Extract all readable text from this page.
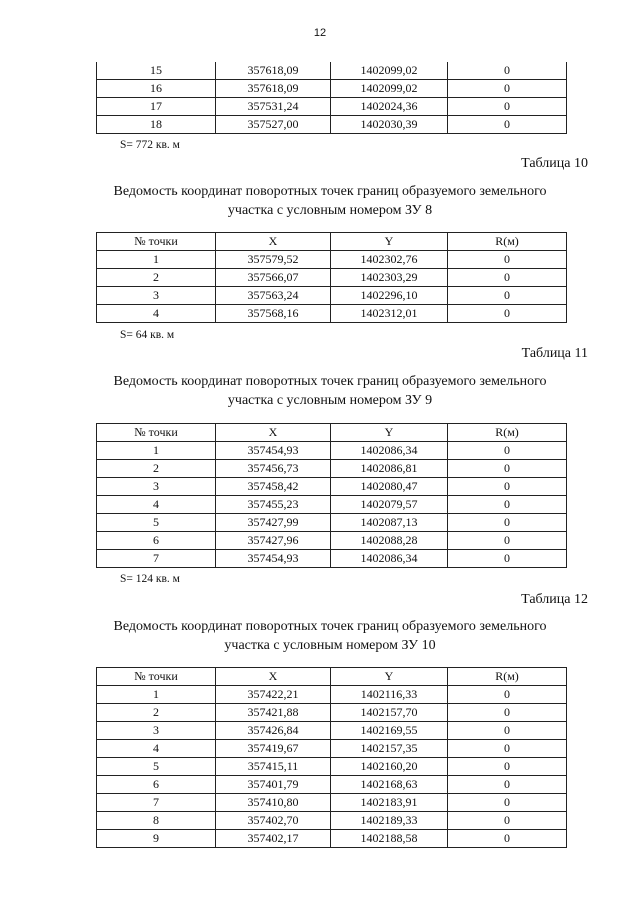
12
15	357618,09	1402099,02	0
16	357618,09	1402099,02	0
17	357531,24	1402024,36	0
18	357527,00	1402030,39	0
S= 772 кв. м
Таблица 10
Ведомость координат поворотных точек границ образуемого земельного
участка с условным номером ЗУ 8
№ точки	X	Y	R(м)
1	357579,52	1402302,76	0
2	357566,07	1402303,29	0
3	357563,24	1402296,10	0
4	357568,16	1402312,01	0
S= 64 кв. м
Таблица 11
Ведомость координат поворотных точек границ образуемого земельного
участка с условным номером ЗУ 9
№ точки	X	Y	R(м)
1	357454,93	1402086,34	0
2	357456,73	1402086,81	0
3	357458,42	1402080,47	0
4	357455,23	1402079,57	0
5	357427,99	1402087,13	0
6	357427,96	1402088,28	0
7	357454,93	1402086,34	0
S= 124 кв. м
Таблица 12
Ведомость координат поворотных точек границ образуемого земельного
участка с условным номером ЗУ 10
№ точки	X	Y	R(м)
1	357422,21	1402116,33	0
2	357421,88	1402157,70	0
3	357426,84	1402169,55	0
4	357419,67	1402157,35	0
5	357415,11	1402160,20	0
6	357401,79	1402168,63	0
7	357410,80	1402183,91	0
8	357402,70	1402189,33	0
9	357402,17	1402188,58	0
